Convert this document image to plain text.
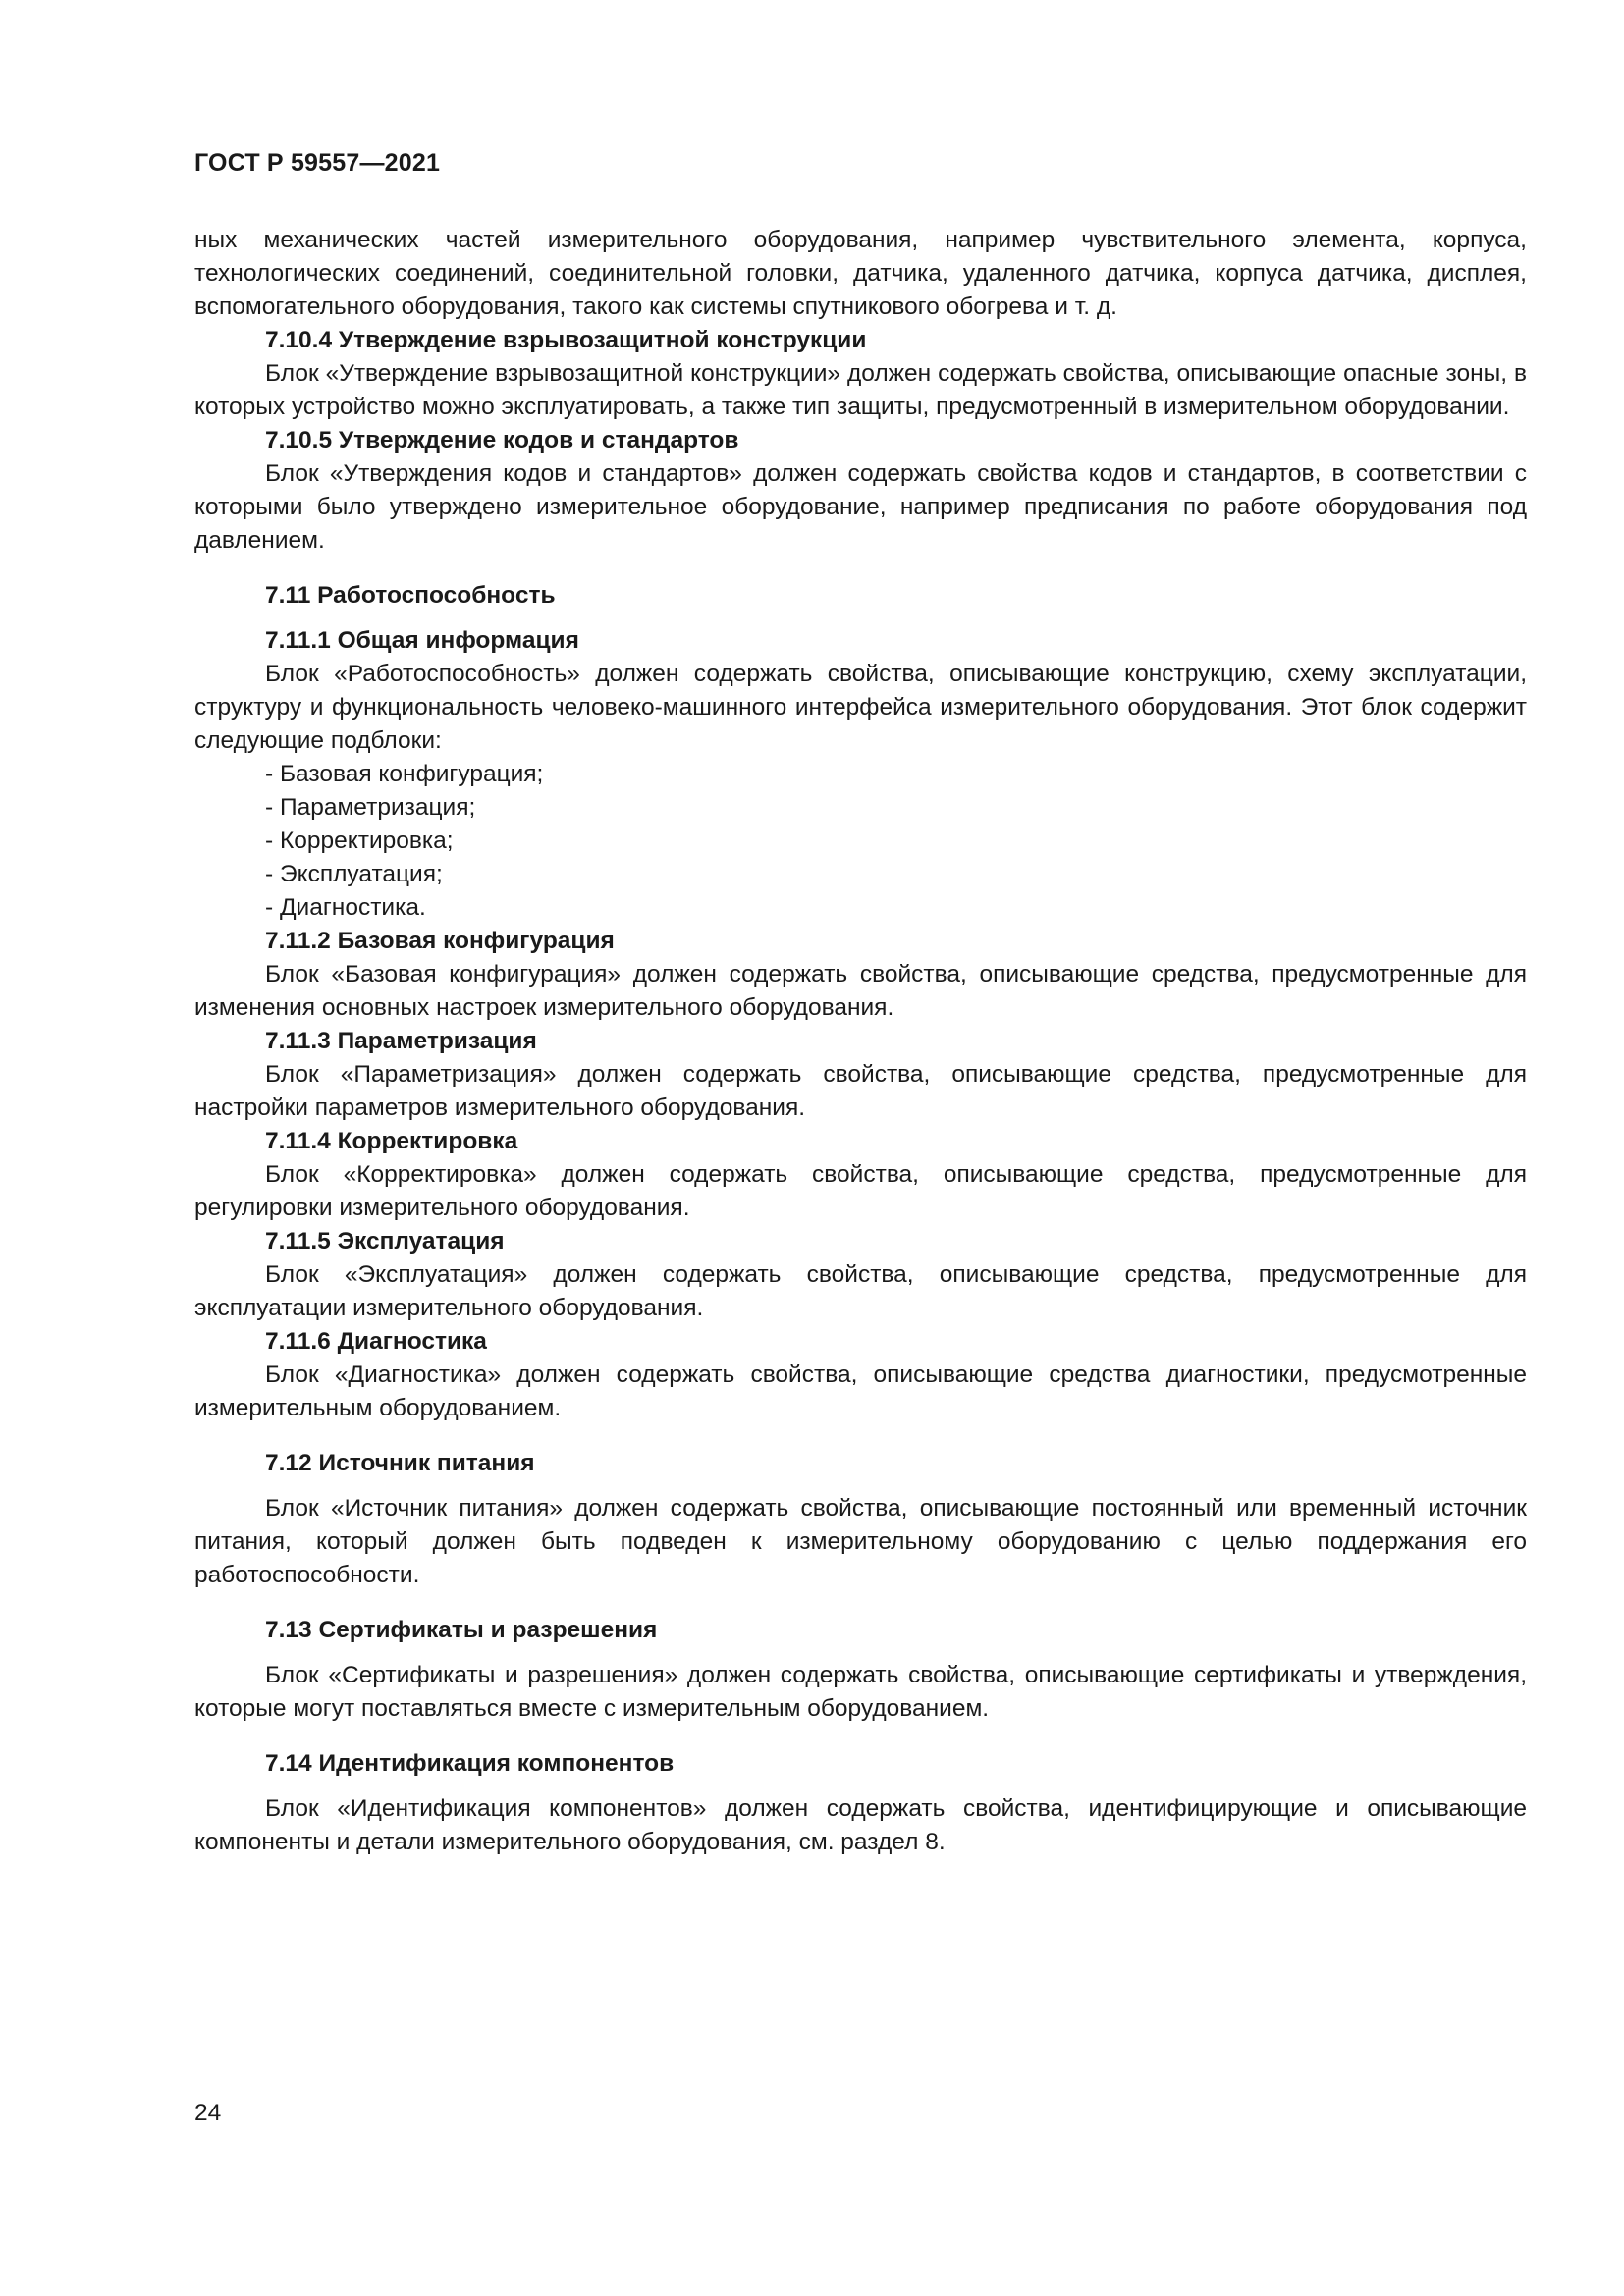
ГОСТ Р 59557—2021

ных механических частей измерительного оборудования, например чувствительного элемента, корпуса, технологических соединений, соединительной головки, датчика, удаленного датчика, корпуса датчика, дисплея, вспомогательного оборудования, такого как системы спутникового обогрева и т. д.

7.10.4 Утверждение взрывозащитной конструкции

Блок «Утверждение взрывозащитной конструкции» должен содержать свойства, описывающие опасные зоны, в которых устройство можно эксплуатировать, а также тип защиты, предусмотренный в измерительном оборудовании.

7.10.5 Утверждение кодов и стандартов

Блок «Утверждения кодов и стандартов» должен содержать свойства кодов и стандартов, в соответствии с которыми было утверждено измерительное оборудование, например предписания по работе оборудования под давлением.

7.11 Работоспособность

7.11.1 Общая информация

Блок «Работоспособность» должен содержать свойства, описывающие конструкцию, схему эксплуатации, структуру и функциональность человеко-машинного интерфейса измерительного оборудования. Этот блок содержит следующие подблоки:

- Базовая конфигурация;

- Параметризация;

- Корректировка;

- Эксплуатация;

- Диагностика.

7.11.2 Базовая конфигурация

Блок «Базовая конфигурация» должен содержать свойства, описывающие средства, предусмотренные для изменения основных настроек измерительного оборудования.

7.11.3 Параметризация

Блок «Параметризация» должен содержать свойства, описывающие средства, предусмотренные для настройки параметров измерительного оборудования.

7.11.4 Корректировка

Блок «Корректировка» должен содержать свойства, описывающие средства, предусмотренные для регулировки измерительного оборудования.

7.11.5 Эксплуатация

Блок «Эксплуатация» должен содержать свойства, описывающие средства, предусмотренные для эксплуатации измерительного оборудования.

7.11.6 Диагностика

Блок «Диагностика» должен содержать свойства, описывающие средства диагностики, предусмотренные измерительным оборудованием.

7.12 Источник питания

Блок «Источник питания» должен содержать свойства, описывающие постоянный или временный источник питания, который должен быть подведен к измерительному оборудованию с целью поддержания его работоспособности.

7.13 Сертификаты и разрешения

Блок «Сертификаты и разрешения» должен содержать свойства, описывающие сертификаты и утверждения, которые могут поставляться вместе с измерительным оборудованием.

7.14 Идентификация компонентов

Блок «Идентификация компонентов» должен содержать свойства, идентифицирующие и описывающие компоненты и детали измерительного оборудования, см. раздел 8.

24
